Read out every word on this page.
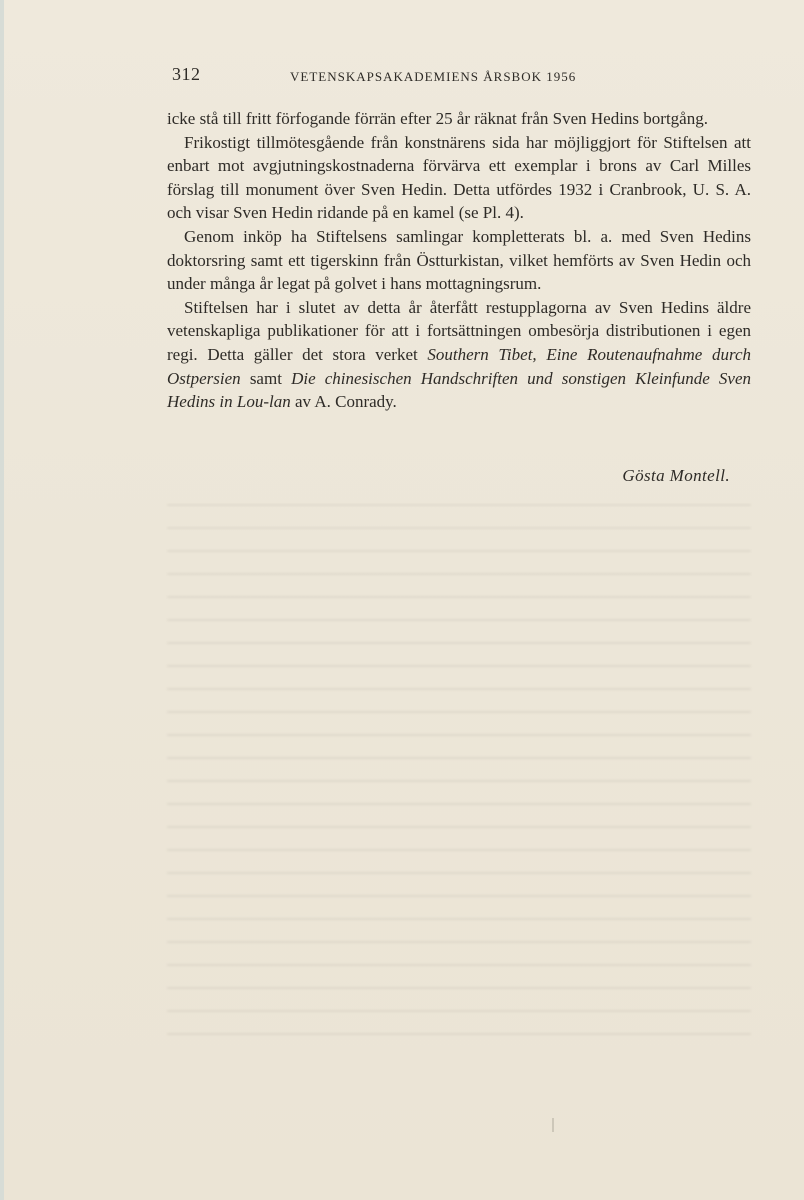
312	VETENSKAPSAKADEMIENS ÅRSBOK 1956

icke stå till fritt förfogande förrän efter 25 år räknat från Sven Hedins bortgång.

Frikostigt tillmötesgående från konstnärens sida har möjliggjort för Stiftelsen att enbart mot avgjutningskostnaderna förvärva ett exemplar i brons av Carl Milles förslag till monument över Sven Hedin. Detta utfördes 1932 i Cranbrook, U. S. A. och visar Sven Hedin ridande på en kamel (se Pl. 4).

Genom inköp ha Stiftelsens samlingar kompletterats bl. a. med Sven Hedins doktorsring samt ett tigerskinn från Östturkistan, vilket hemförts av Sven Hedin och under många år legat på golvet i hans mottagningsrum.

Stiftelsen har i slutet av detta år återfått restupplagorna av Sven Hedins äldre vetenskapliga publikationer för att i fortsättningen ombesörja distributionen i egen regi. Detta gäller det stora verket Southern Tibet, Eine Routenaufnahme durch Ostpersien samt Die chinesischen Handschriften und sonstigen Kleinfunde Sven Hedins in Lou-lan av A. Conrady.

Gösta Montell.
